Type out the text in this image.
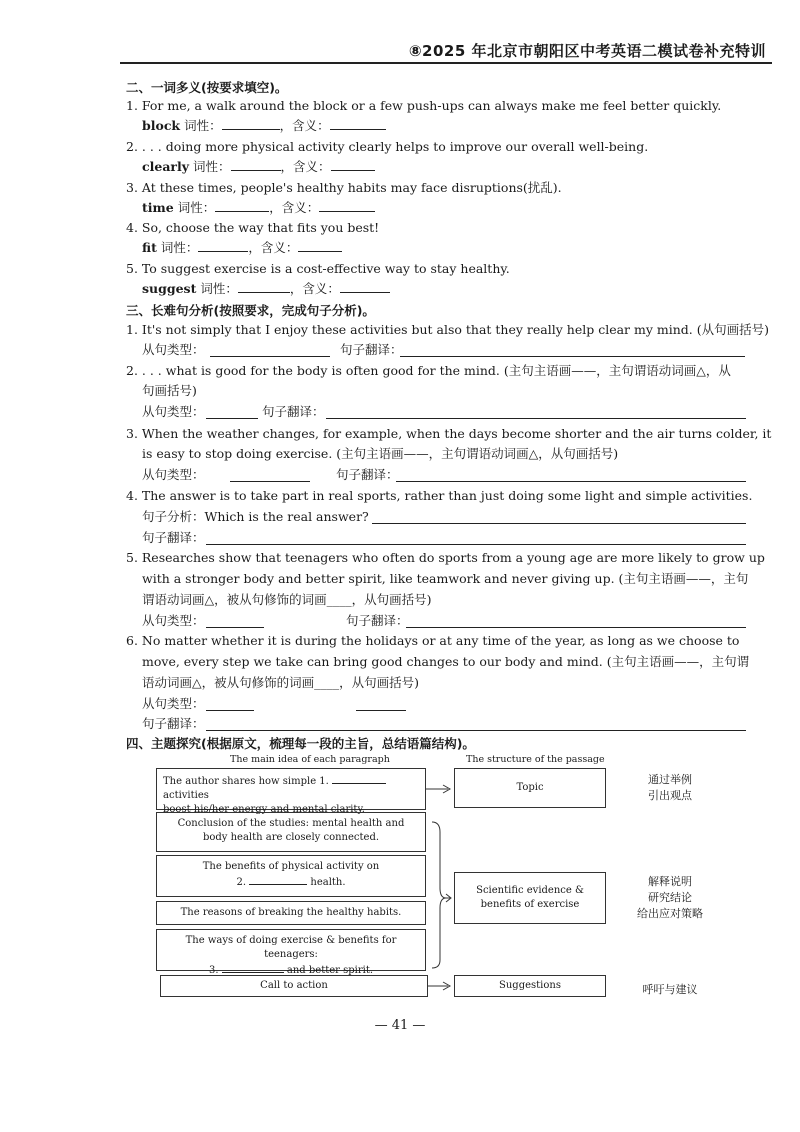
⑧2025 年北京市朝阳区中考英语二模试卷补充特训
二、一词多义(按要求填空)。
1. For me, a walk around the block or a few push-ups can always make me feel better quickly.
block 词性：	，含义：
2. . . . doing more physical activity clearly helps to improve our overall well-being.
clearly 词性：	，含义：
3. At these times, people's healthy habits may face disruptions(扰乱).
time 词性：	，含义：
4. So, choose the way that fits you best!
fit 词性：	，含义：
5. To suggest exercise is a cost-effective way to stay healthy.
suggest 词性：	，含义：
三、长难句分析(按照要求，完成句子分析)。
1. It's not simply that I enjoy these activities but also that they really help clear my mind. (从句画括号)
从句类型：	句子翻译：
2. . . . what is good for the body is often good for the mind. (主句主语画——，主句谓语动词画△，从
句画括号)
从句类型：	句子翻译：
3. When the weather changes, for example, when the days become shorter and the air turns colder, it
is easy to stop doing exercise. (主句主语画——，主句谓语动词画△，从句画括号)
从句类型：	句子翻译：
4. The answer is to take part in real sports, rather than just doing some light and simple activities.
句子分析：Which is the real answer?
句子翻译：
5. Researches show that teenagers who often do sports from a young age are more likely to grow up
with a stronger body and better spirit, like teamwork and never giving up. (主句主语画——，主句
谓语动词画△，被从句修饰的词画____，从句画括号)
从句类型：	句子翻译：
6. No matter whether it is during the holidays or at any time of the year, as long as we choose to
move, every step we take can bring good changes to our body and mind. (主句主语画——，主句谓
语动词画△，被从句修饰的词画____，从句画括号)
从句类型：
句子翻译：
四、主题探究(根据原文，梳理每一段的主旨，总结语篇结构)。
The main idea of each paragraph	The structure of the passage
The author shares how simple 1.  activities
boost his/her energy and mental clarity.
Conclusion of the studies: mental health and
body health are closely connected.
The benefits of physical activity on
2.	health.
The reasons of breaking the healthy habits.
The ways of doing exercise & benefits for teenagers:
3.	and better spirit.
Call to action
Topic
Scientific evidence &
benefits of exercise
Suggestions
通过举例
引出观点
解释说明
研究结论
给出应对策略
呼吁与建议
— 41 —
